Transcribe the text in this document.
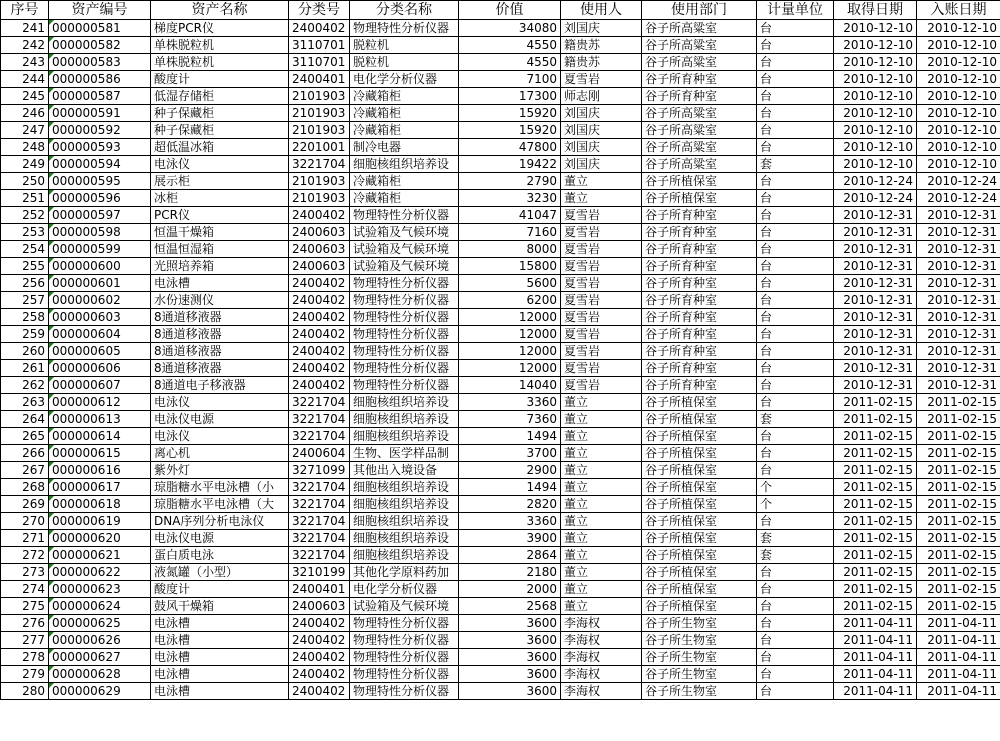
序号	资产编号	资产名称	分类号	分类名称	价值	使用人	使用部门	计量单位	取得日期	入账日期
241	000000581	梯度PCR仪	2400402	物理特性分析仪器	34080	刘国庆	谷子所高粱室	台	2010-12-10	2010-12-10
242	000000582	单株脱粒机	3110701	脱粒机	4550	籍贵苏	谷子所高粱室	台	2010-12-10	2010-12-10
243	000000583	单株脱粒机	3110701	脱粒机	4550	籍贵苏	谷子所高粱室	台	2010-12-10	2010-12-10
244	000000586	酸度计	2400401	电化学分析仪器	7100	夏雪岩	谷子所育种室	台	2010-12-10	2010-12-10
245	000000587	低湿存储柜	2101903	冷藏箱柜	17300	师志刚	谷子所育种室	台	2010-12-10	2010-12-10
246	000000591	种子保藏柜	2101903	冷藏箱柜	15920	刘国庆	谷子所高粱室	台	2010-12-10	2010-12-10
247	000000592	种子保藏柜	2101903	冷藏箱柜	15920	刘国庆	谷子所高粱室	台	2010-12-10	2010-12-10
248	000000593	超低温冰箱	2201001	制冷电器	47800	刘国庆	谷子所高粱室	台	2010-12-10	2010-12-10
249	000000594	电泳仪	3221704	细胞核组织培养设	19422	刘国庆	谷子所高粱室	套	2010-12-10	2010-12-10
250	000000595	展示柜	2101903	冷藏箱柜	2790	董立	谷子所植保室	台	2010-12-24	2010-12-24
251	000000596	冰柜	2101903	冷藏箱柜	3230	董立	谷子所植保室	台	2010-12-24	2010-12-24
252	000000597	PCR仪	2400402	物理特性分析仪器	41047	夏雪岩	谷子所育种室	台	2010-12-31	2010-12-31
253	000000598	恒温干燥箱	2400603	试验箱及气候环境	7160	夏雪岩	谷子所育种室	台	2010-12-31	2010-12-31
254	000000599	恒温恒湿箱	2400603	试验箱及气候环境	8000	夏雪岩	谷子所育种室	台	2010-12-31	2010-12-31
255	000000600	光照培养箱	2400603	试验箱及气候环境	15800	夏雪岩	谷子所育种室	台	2010-12-31	2010-12-31
256	000000601	电泳槽	2400402	物理特性分析仪器	5600	夏雪岩	谷子所育种室	台	2010-12-31	2010-12-31
257	000000602	水份速测仪	2400402	物理特性分析仪器	6200	夏雪岩	谷子所育种室	台	2010-12-31	2010-12-31
258	000000603	8通道移液器	2400402	物理特性分析仪器	12000	夏雪岩	谷子所育种室	台	2010-12-31	2010-12-31
259	000000604	8通道移液器	2400402	物理特性分析仪器	12000	夏雪岩	谷子所育种室	台	2010-12-31	2010-12-31
260	000000605	8通道移液器	2400402	物理特性分析仪器	12000	夏雪岩	谷子所育种室	台	2010-12-31	2010-12-31
261	000000606	8通道移液器	2400402	物理特性分析仪器	12000	夏雪岩	谷子所育种室	台	2010-12-31	2010-12-31
262	000000607	8通道电子移液器	2400402	物理特性分析仪器	14040	夏雪岩	谷子所育种室	台	2010-12-31	2010-12-31
263	000000612	电泳仪	3221704	细胞核组织培养设	3360	董立	谷子所植保室	台	2011-02-15	2011-02-15
264	000000613	电泳仪电源	3221704	细胞核组织培养设	7360	董立	谷子所植保室	套	2011-02-15	2011-02-15
265	000000614	电泳仪	3221704	细胞核组织培养设	1494	董立	谷子所植保室	台	2011-02-15	2011-02-15
266	000000615	离心机	2400604	生物、医学样品制	3700	董立	谷子所植保室	台	2011-02-15	2011-02-15
267	000000616	紫外灯	3271099	其他出入境设备	2900	董立	谷子所植保室	台	2011-02-15	2011-02-15
268	000000617	琼脂糖水平电泳槽（小	3221704	细胞核组织培养设	1494	董立	谷子所植保室	个	2011-02-15	2011-02-15
269	000000618	琼脂糖水平电泳槽（大	3221704	细胞核组织培养设	2820	董立	谷子所植保室	个	2011-02-15	2011-02-15
270	000000619	DNA序列分析电泳仪	3221704	细胞核组织培养设	3360	董立	谷子所植保室	台	2011-02-15	2011-02-15
271	000000620	电泳仪电源	3221704	细胞核组织培养设	3900	董立	谷子所植保室	套	2011-02-15	2011-02-15
272	000000621	蛋白质电泳	3221704	细胞核组织培养设	2864	董立	谷子所植保室	套	2011-02-15	2011-02-15
273	000000622	液氮罐（小型）	3210199	其他化学原料药加	2180	董立	谷子所植保室	台	2011-02-15	2011-02-15
274	000000623	酸度计	2400401	电化学分析仪器	2000	董立	谷子所植保室	台	2011-02-15	2011-02-15
275	000000624	鼓风干燥箱	2400603	试验箱及气候环境	2568	董立	谷子所植保室	台	2011-02-15	2011-02-15
276	000000625	电泳槽	2400402	物理特性分析仪器	3600	李海权	谷子所生物室	台	2011-04-11	2011-04-11
277	000000626	电泳槽	2400402	物理特性分析仪器	3600	李海权	谷子所生物室	台	2011-04-11	2011-04-11
278	000000627	电泳槽	2400402	物理特性分析仪器	3600	李海权	谷子所生物室	台	2011-04-11	2011-04-11
279	000000628	电泳槽	2400402	物理特性分析仪器	3600	李海权	谷子所生物室	台	2011-04-11	2011-04-11
280	000000629	电泳槽	2400402	物理特性分析仪器	3600	李海权	谷子所生物室	台	2011-04-11	2011-04-11
